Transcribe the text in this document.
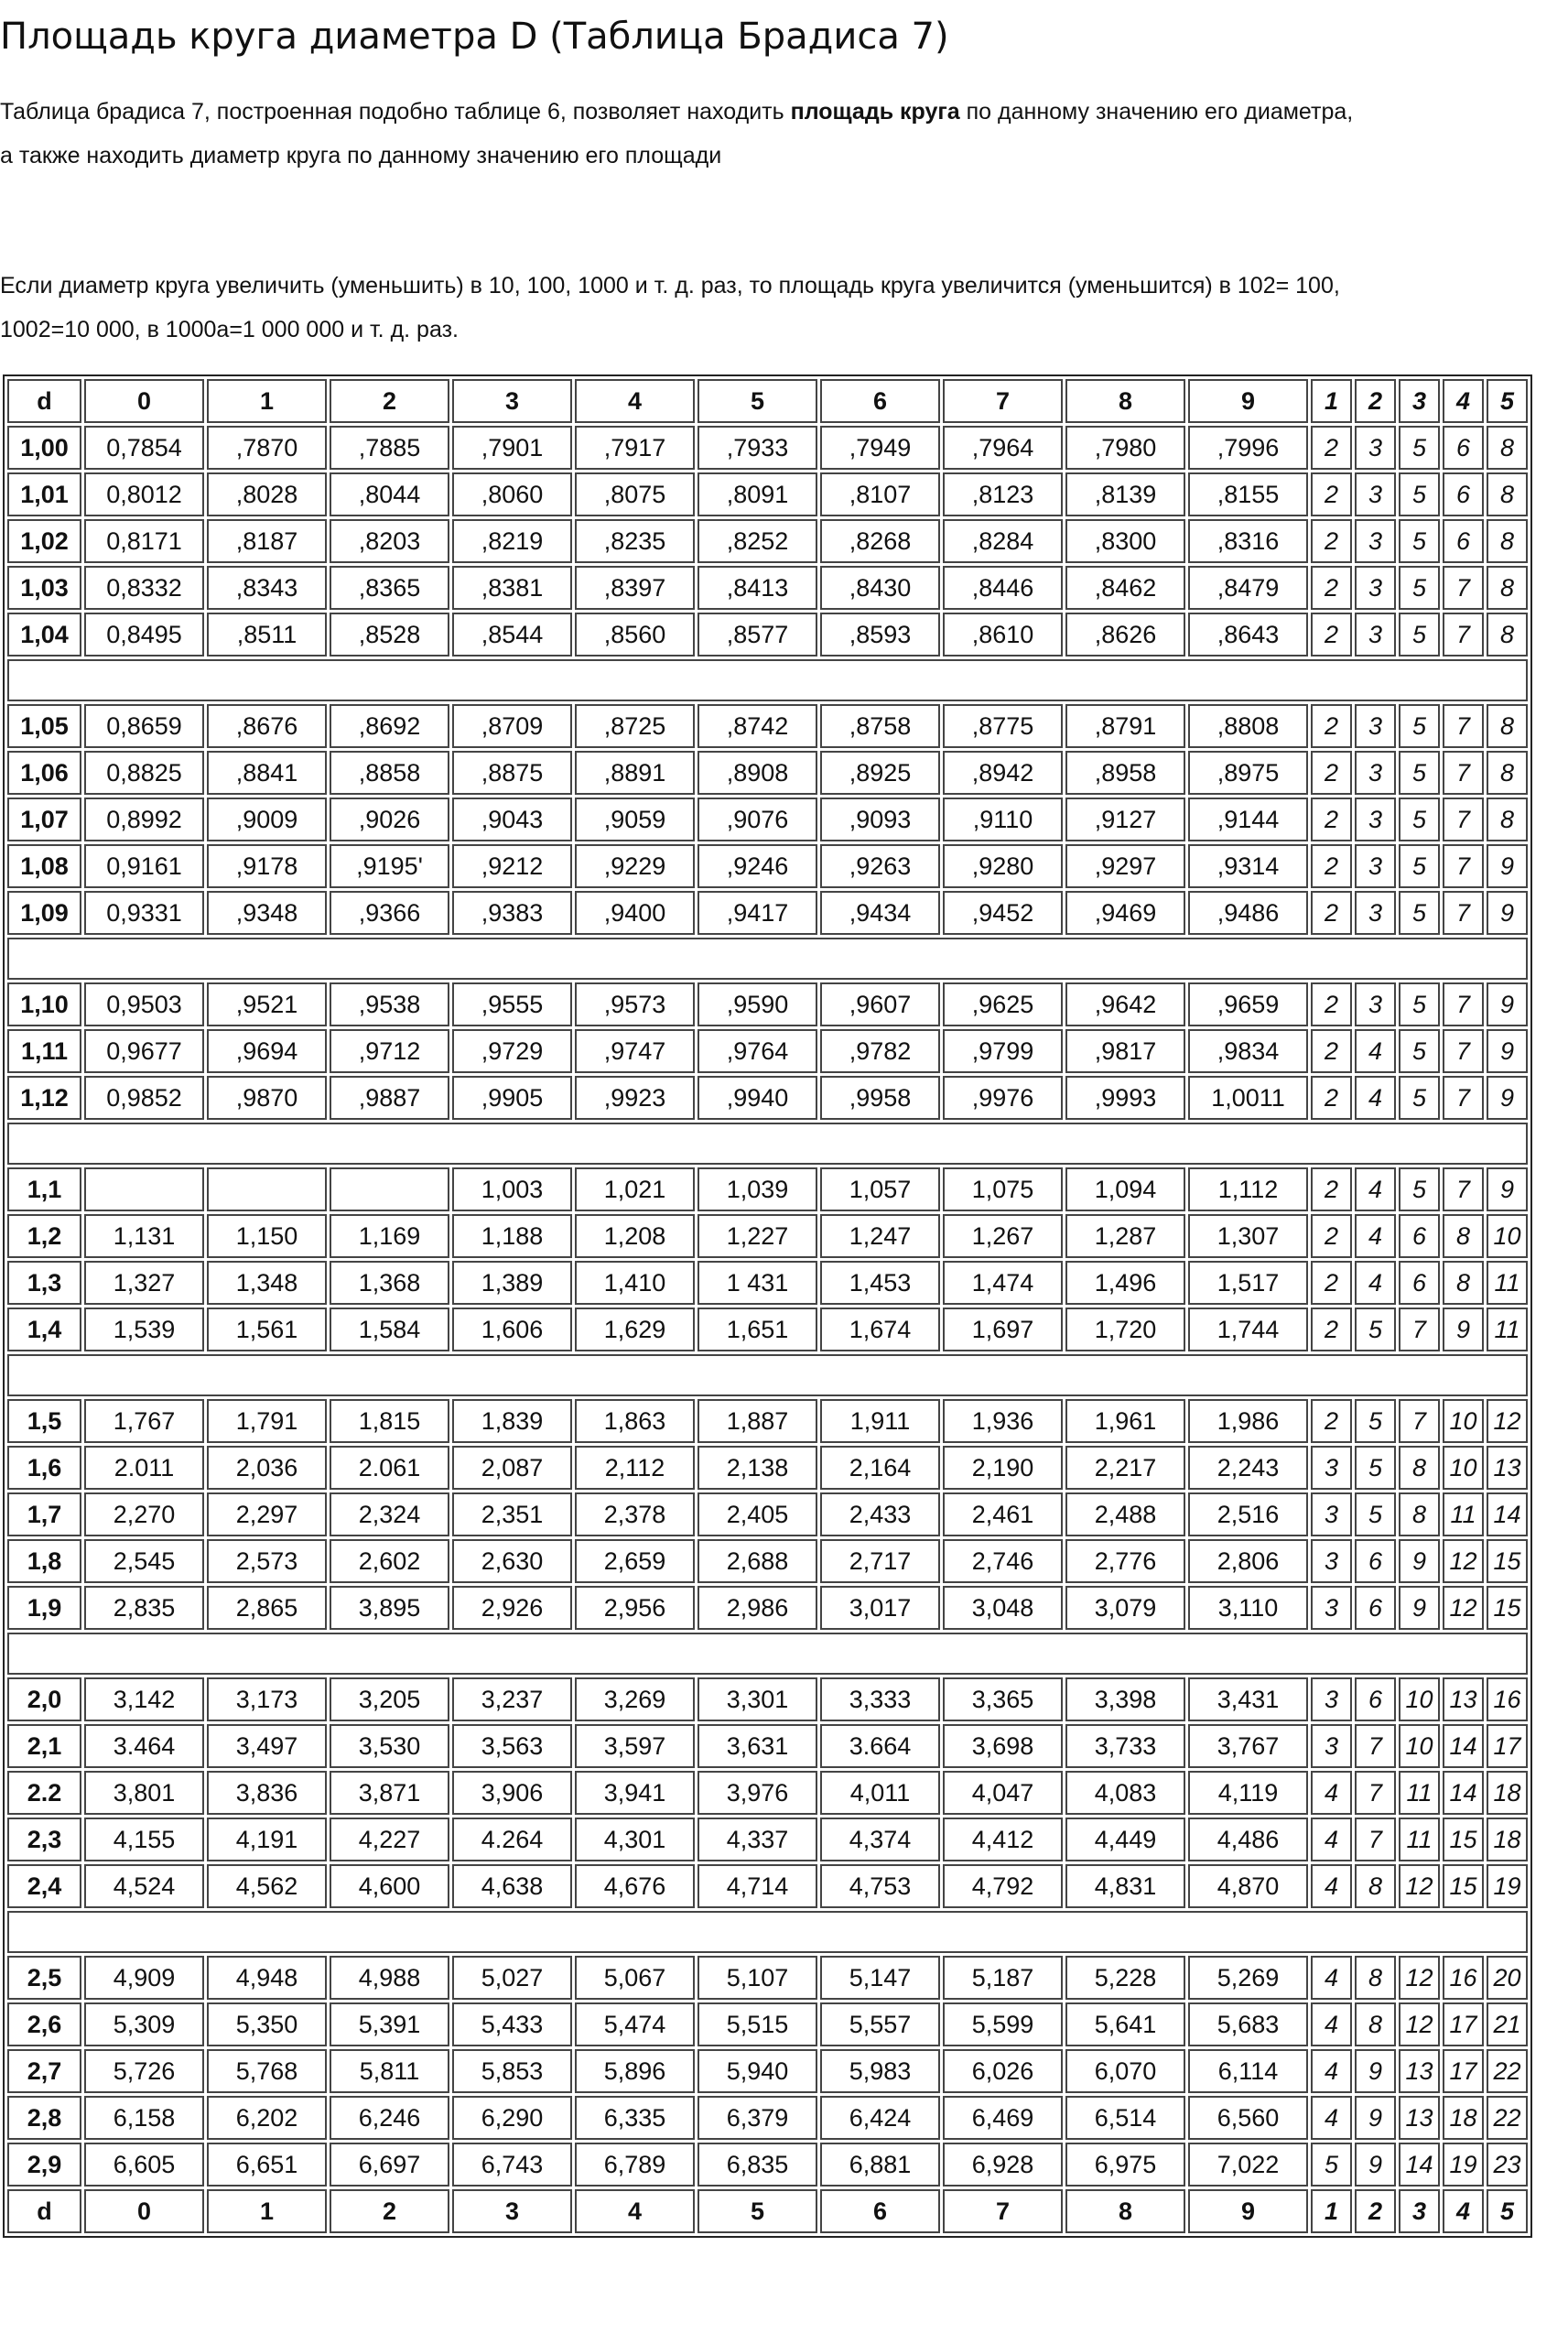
Площадь круга диаметра D (Таблица Брадиса 7)

Таблица брадиса 7, построенная подобно таблице 6, позволяет находить площадь круга по данному значению его диаметра,
а также находить диаметр круга по данному значению его площади

Если диаметр круга увеличить (уменьшить) в 10, 100, 1000 и т. д. раз, то площадь круга увеличится (уменьшится) в 102= 100,
1002=10 000, в 1000а=1 000 000 и т. д. раз.

d	0	1	2	3	4	5	6	7	8	9	1	2	3	4	5
1,00	0,7854	,7870	,7885	,7901	,7917	,7933	,7949	,7964	,7980	,7996	2	3	5	6	8
1,01	0,8012	,8028	,8044	,8060	,8075	,8091	,8107	,8123	,8139	,8155	2	3	5	6	8
1,02	0,8171	,8187	,8203	,8219	,8235	,8252	,8268	,8284	,8300	,8316	2	3	5	6	8
1,03	0,8332	,8343	,8365	,8381	,8397	,8413	,8430	,8446	,8462	,8479	2	3	5	7	8
1,04	0,8495	,8511	,8528	,8544	,8560	,8577	,8593	,8610	,8626	,8643	2	3	5	7	8

1,05	0,8659	,8676	,8692	,8709	,8725	,8742	,8758	,8775	,8791	,8808	2	3	5	7	8
1,06	0,8825	,8841	,8858	,8875	,8891	,8908	,8925	,8942	,8958	,8975	2	3	5	7	8
1,07	0,8992	,9009	,9026	,9043	,9059	,9076	,9093	,9110	,9127	,9144	2	3	5	7	8
1,08	0,9161	,9178	,9195'	,9212	,9229	,9246	,9263	,9280	,9297	,9314	2	3	5	7	9
1,09	0,9331	,9348	,9366	,9383	,9400	,9417	,9434	,9452	,9469	,9486	2	3	5	7	9

1,10	0,9503	,9521	,9538	,9555	,9573	,9590	,9607	,9625	,9642	,9659	2	3	5	7	9
1,11	0,9677	,9694	,9712	,9729	,9747	,9764	,9782	,9799	,9817	,9834	2	4	5	7	9
1,12	0,9852	,9870	,9887	,9905	,9923	,9940	,9958	,9976	,9993	1,0011	2	4	5	7	9

1,1				1,003	1,021	1,039	1,057	1,075	1,094	1,112	2	4	5	7	9
1,2	1,131	1,150	1,169	1,188	1,208	1,227	1,247	1,267	1,287	1,307	2	4	6	8	10
1,3	1,327	1,348	1,368	1,389	1,410	1 431	1,453	1,474	1,496	1,517	2	4	6	8	11
1,4	1,539	1,561	1,584	1,606	1,629	1,651	1,674	1,697	1,720	1,744	2	5	7	9	11

1,5	1,767	1,791	1,815	1,839	1,863	1,887	1,911	1,936	1,961	1,986	2	5	7	10	12
1,6	2.011	2,036	2.061	2,087	2,112	2,138	2,164	2,190	2,217	2,243	3	5	8	10	13
1,7	2,270	2,297	2,324	2,351	2,378	2,405	2,433	2,461	2,488	2,516	3	5	8	11	14
1,8	2,545	2,573	2,602	2,630	2,659	2,688	2,717	2,746	2,776	2,806	3	6	9	12	15
1,9	2,835	2,865	3,895	2,926	2,956	2,986	3,017	3,048	3,079	3,110	3	6	9	12	15

2,0	3,142	3,173	3,205	3,237	3,269	3,301	3,333	3,365	3,398	3,431	3	6	10	13	16
2,1	3.464	3,497	3,530	3,563	3,597	3,631	3.664	3,698	3,733	3,767	3	7	10	14	17
2.2	3,801	3,836	3,871	3,906	3,941	3,976	4,011	4,047	4,083	4,119	4	7	11	14	18
2,3	4,155	4,191	4,227	4.264	4,301	4,337	4,374	4,412	4,449	4,486	4	7	11	15	18
2,4	4,524	4,562	4,600	4,638	4,676	4,714	4,753	4,792	4,831	4,870	4	8	12	15	19

2,5	4,909	4,948	4,988	5,027	5,067	5,107	5,147	5,187	5,228	5,269	4	8	12	16	20
2,6	5,309	5,350	5,391	5,433	5,474	5,515	5,557	5,599	5,641	5,683	4	8	12	17	21
2,7	5,726	5,768	5,811	5,853	5,896	5,940	5,983	6,026	6,070	6,114	4	9	13	17	22
2,8	6,158	6,202	6,246	6,290	6,335	6,379	6,424	6,469	6,514	6,560	4	9	13	18	22
2,9	6,605	6,651	6,697	6,743	6,789	6,835	6,881	6,928	6,975	7,022	5	9	14	19	23
d	0	1	2	3	4	5	6	7	8	9	1	2	3	4	5
